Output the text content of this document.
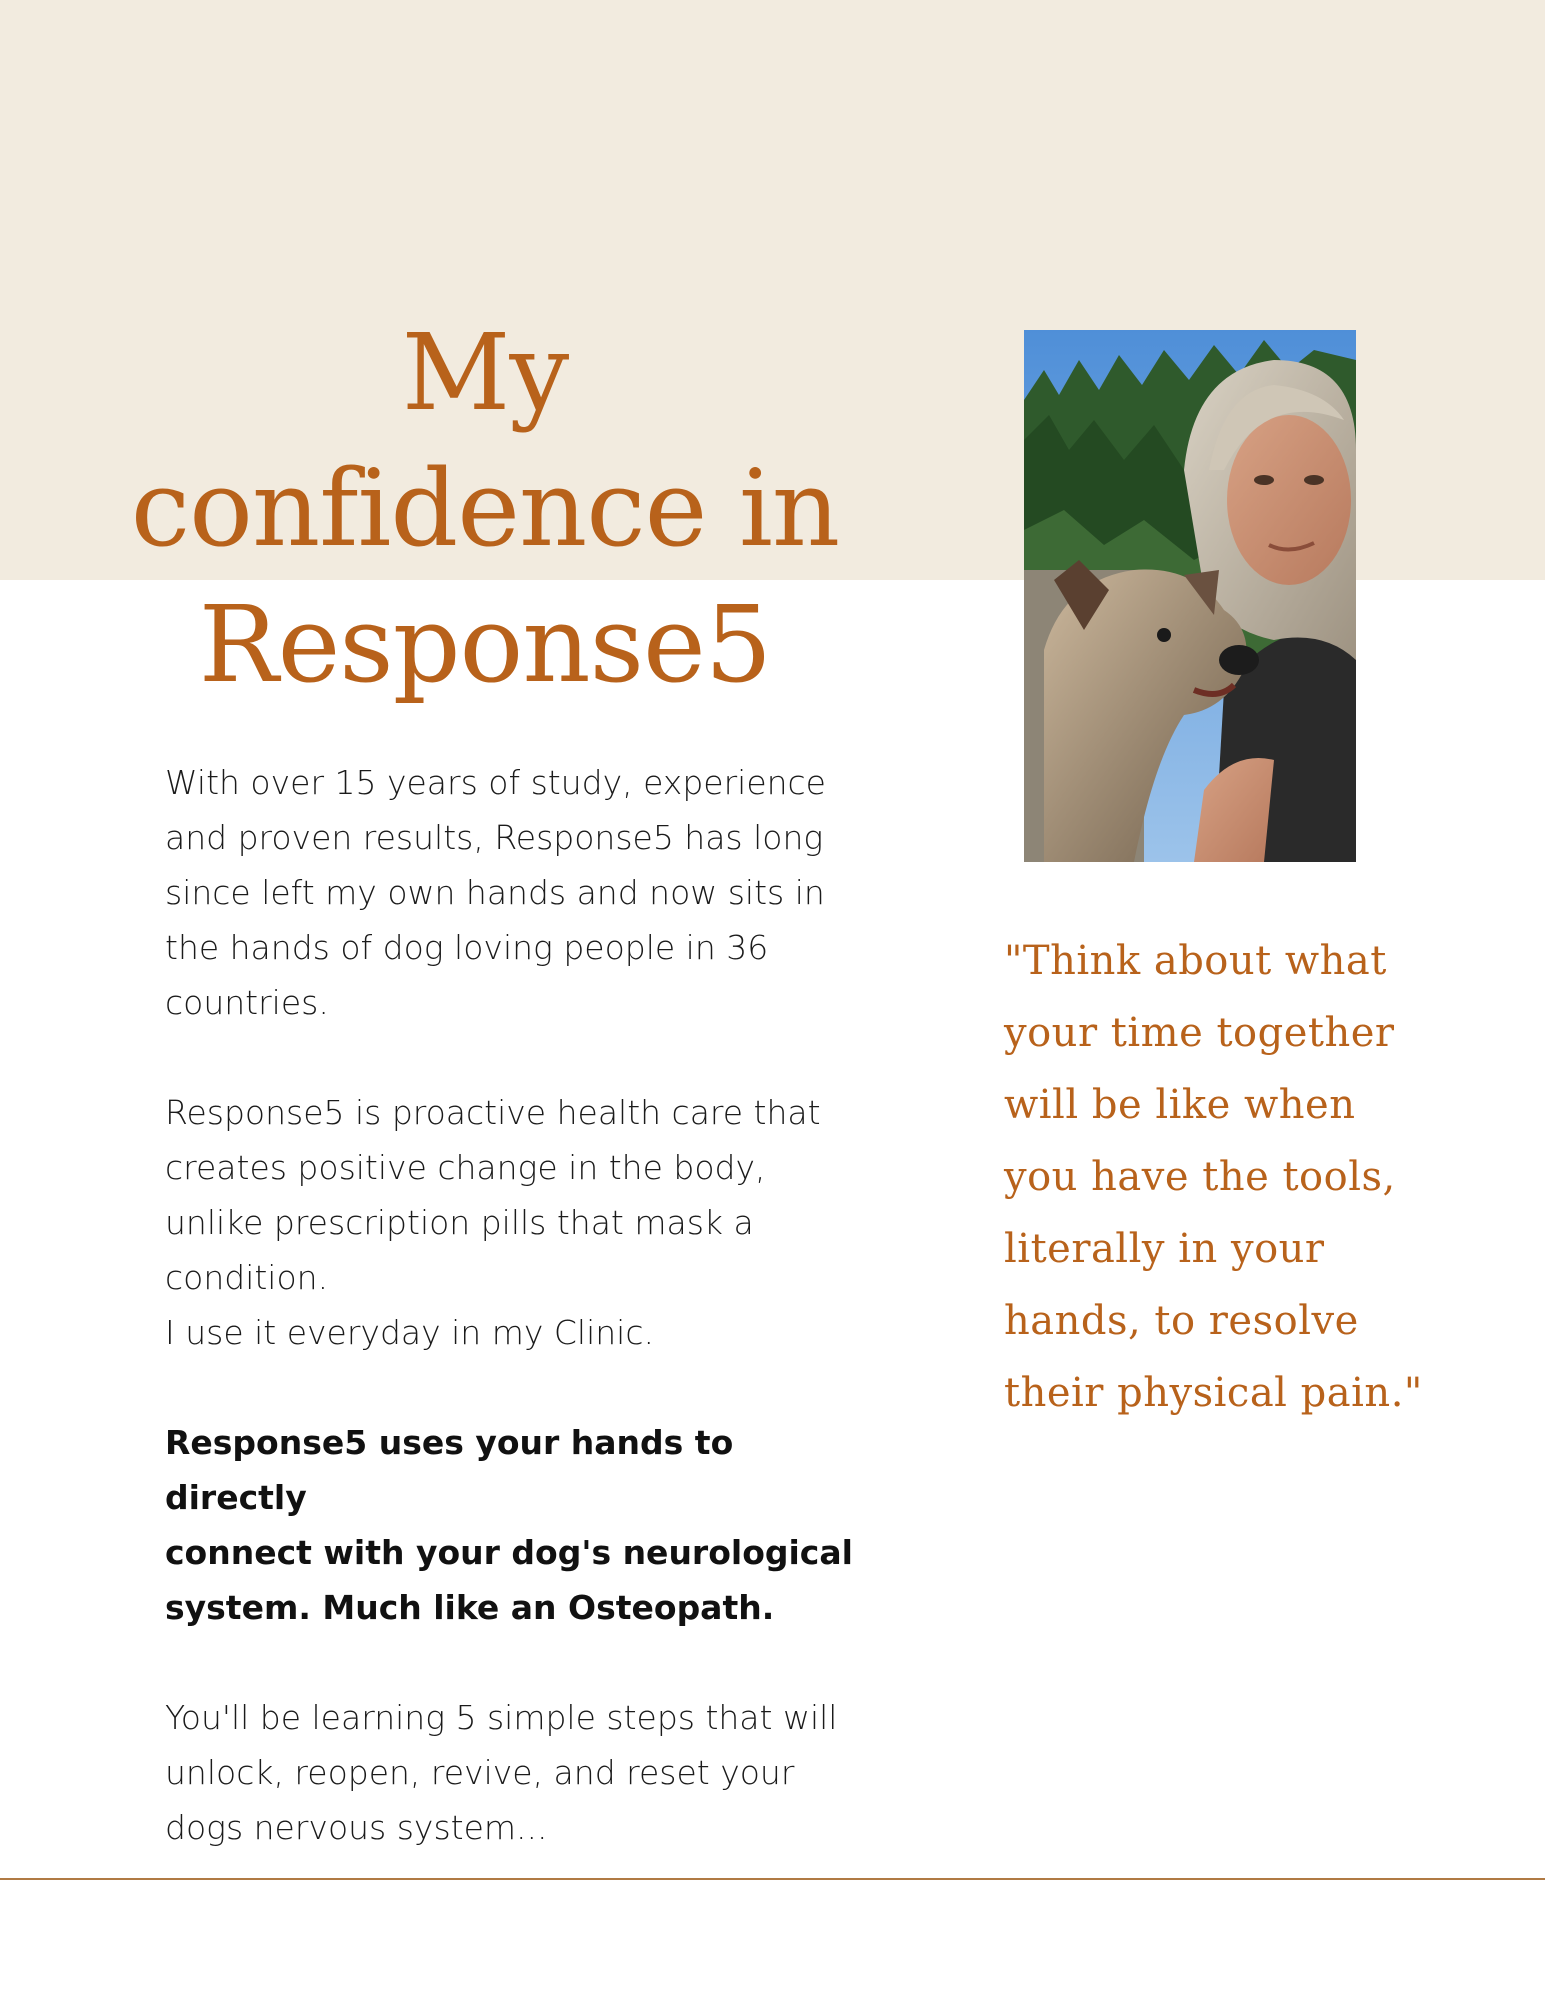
My
confidence in
Response5

With over 15 years of study, experience
and proven results, Response5 has long
since left my own hands and now sits in
the hands of dog loving people in 36
countries.

Response5 is proactive health care that
creates positive change in the body,
unlike prescription pills that mask a
condition.
I use it everyday in my Clinic.

Response5 uses your hands to directly
connect with your dog's neurological
system. Much like an Osteopath.

You'll be learning 5 simple steps that will
unlock, reopen, revive, and reset your
dogs nervous system...

"Think about what
your time together
will be like when
you have the tools,
literally in your
hands, to resolve
their physical pain."
